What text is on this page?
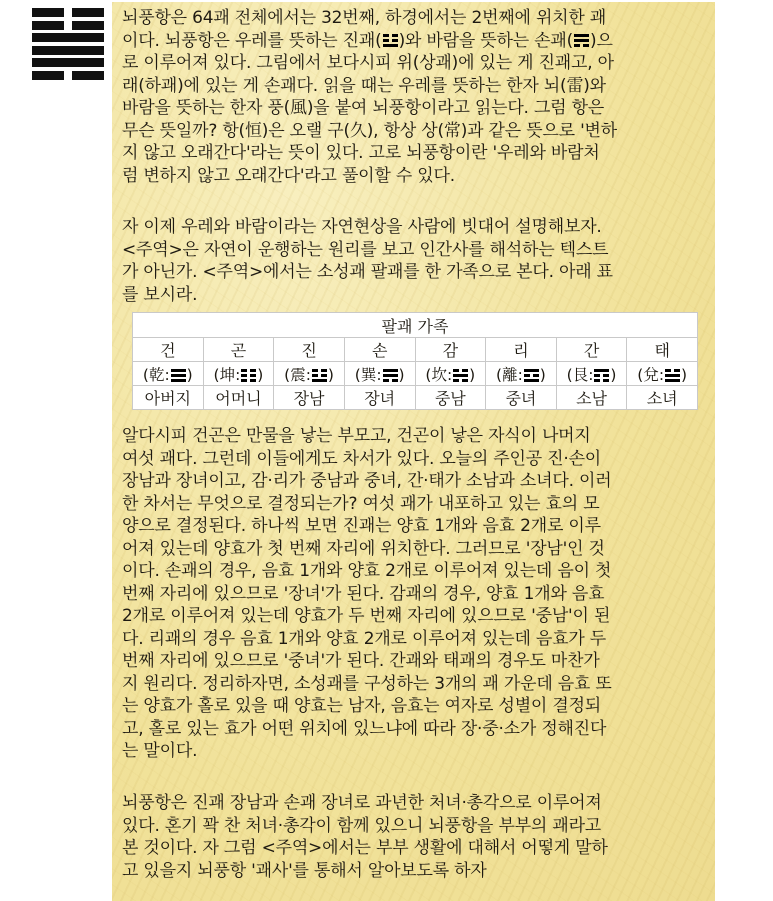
뇌풍항은 64괘 전체에서는 32번째, 하경에서는 2번째에 위치한 괘
이다. 뇌풍항은 우레를 뜻하는 진괘( )와 바람을 뜻하는 손괘( )으
로 이루어져 있다. 그림에서 보다시피 위(상괘)에 있는 게 진괘고, 아
래(하괘)에 있는 게 손괘다. 읽을 때는 우레를 뜻하는 한자 뇌(雷)와
바람을 뜻하는 한자 풍(風)을 붙여 뇌풍항이라고 읽는다. 그럼 항은
무슨 뜻일까? 항(恒)은 오랠 구(久), 항상 상(常)과 같은 뜻으로 '변하
지 않고 오래간다'라는 뜻이 있다. 고로 뇌풍항이란 '우레와 바람처
럼 변하지 않고 오래간다'라고 풀이할 수 있다.

자 이제 우레와 바람이라는 자연현상을 사람에 빗대어 설명해보자.
<주역>은 자연이 운행하는 원리를 보고 인간사를 해석하는 텍스트
가 아닌가. <주역>에서는 소성괘 팔괘를 한 가족으로 본다. 아래 표
를 보시라.

팔괘 가족							
건	곤	진	손	감	리	간	태
(乾: )	(坤: )	(震: )	(巽: )	(坎: )	(離: )	(艮: )	(兌: )
아버지	어머니	장남	장녀	중남	중녀	소남	소녀

알다시피 건곤은 만물을 낳는 부모고, 건곤이 낳은 자식이 나머지
여섯 괘다. 그런데 이들에게도 차서가 있다. 오늘의 주인공 진·손이
장남과 장녀이고, 감·리가 중남과 중녀, 간·태가 소남과 소녀다. 이러
한 차서는 무엇으로 결정되는가? 여섯 괘가 내포하고 있는 효의 모
양으로 결정된다. 하나씩 보면 진괘는 양효 1개와 음효 2개로 이루
어져 있는데 양효가 첫 번째 자리에 위치한다. 그러므로 '장남'인 것
이다. 손괘의 경우, 음효 1개와 양효 2개로 이루어져 있는데 음이 첫
번째 자리에 있으므로 '장녀'가 된다. 감괘의 경우, 양효 1개와 음효
2개로 이루어져 있는데 양효가 두 번째 자리에 있으므로 '중남'이 된
다. 리괘의 경우 음효 1개와 양효 2개로 이루어져 있는데 음효가 두
번째 자리에 있으므로 '중녀'가 된다. 간괘와 태괘의 경우도 마찬가
지 원리다. 정리하자면, 소성괘를 구성하는 3개의 괘 가운데 음효 또
는 양효가 홀로 있을 때 양효는 남자, 음효는 여자로 성별이 결정되
고, 홀로 있는 효가 어떤 위치에 있느냐에 따라 장·중·소가 정해진다
는 말이다.

뇌풍항은 진괘 장남과 손괘 장녀로 과년한 처녀·총각으로 이루어져
있다. 혼기 꽉 찬 처녀·총각이 함께 있으니 뇌풍항을 부부의 괘라고
본 것이다. 자 그럼 <주역>에서는 부부 생활에 대해서 어떻게 말하
고 있을지 뇌풍항 '괘사'를 통해서 알아보도록 하자
